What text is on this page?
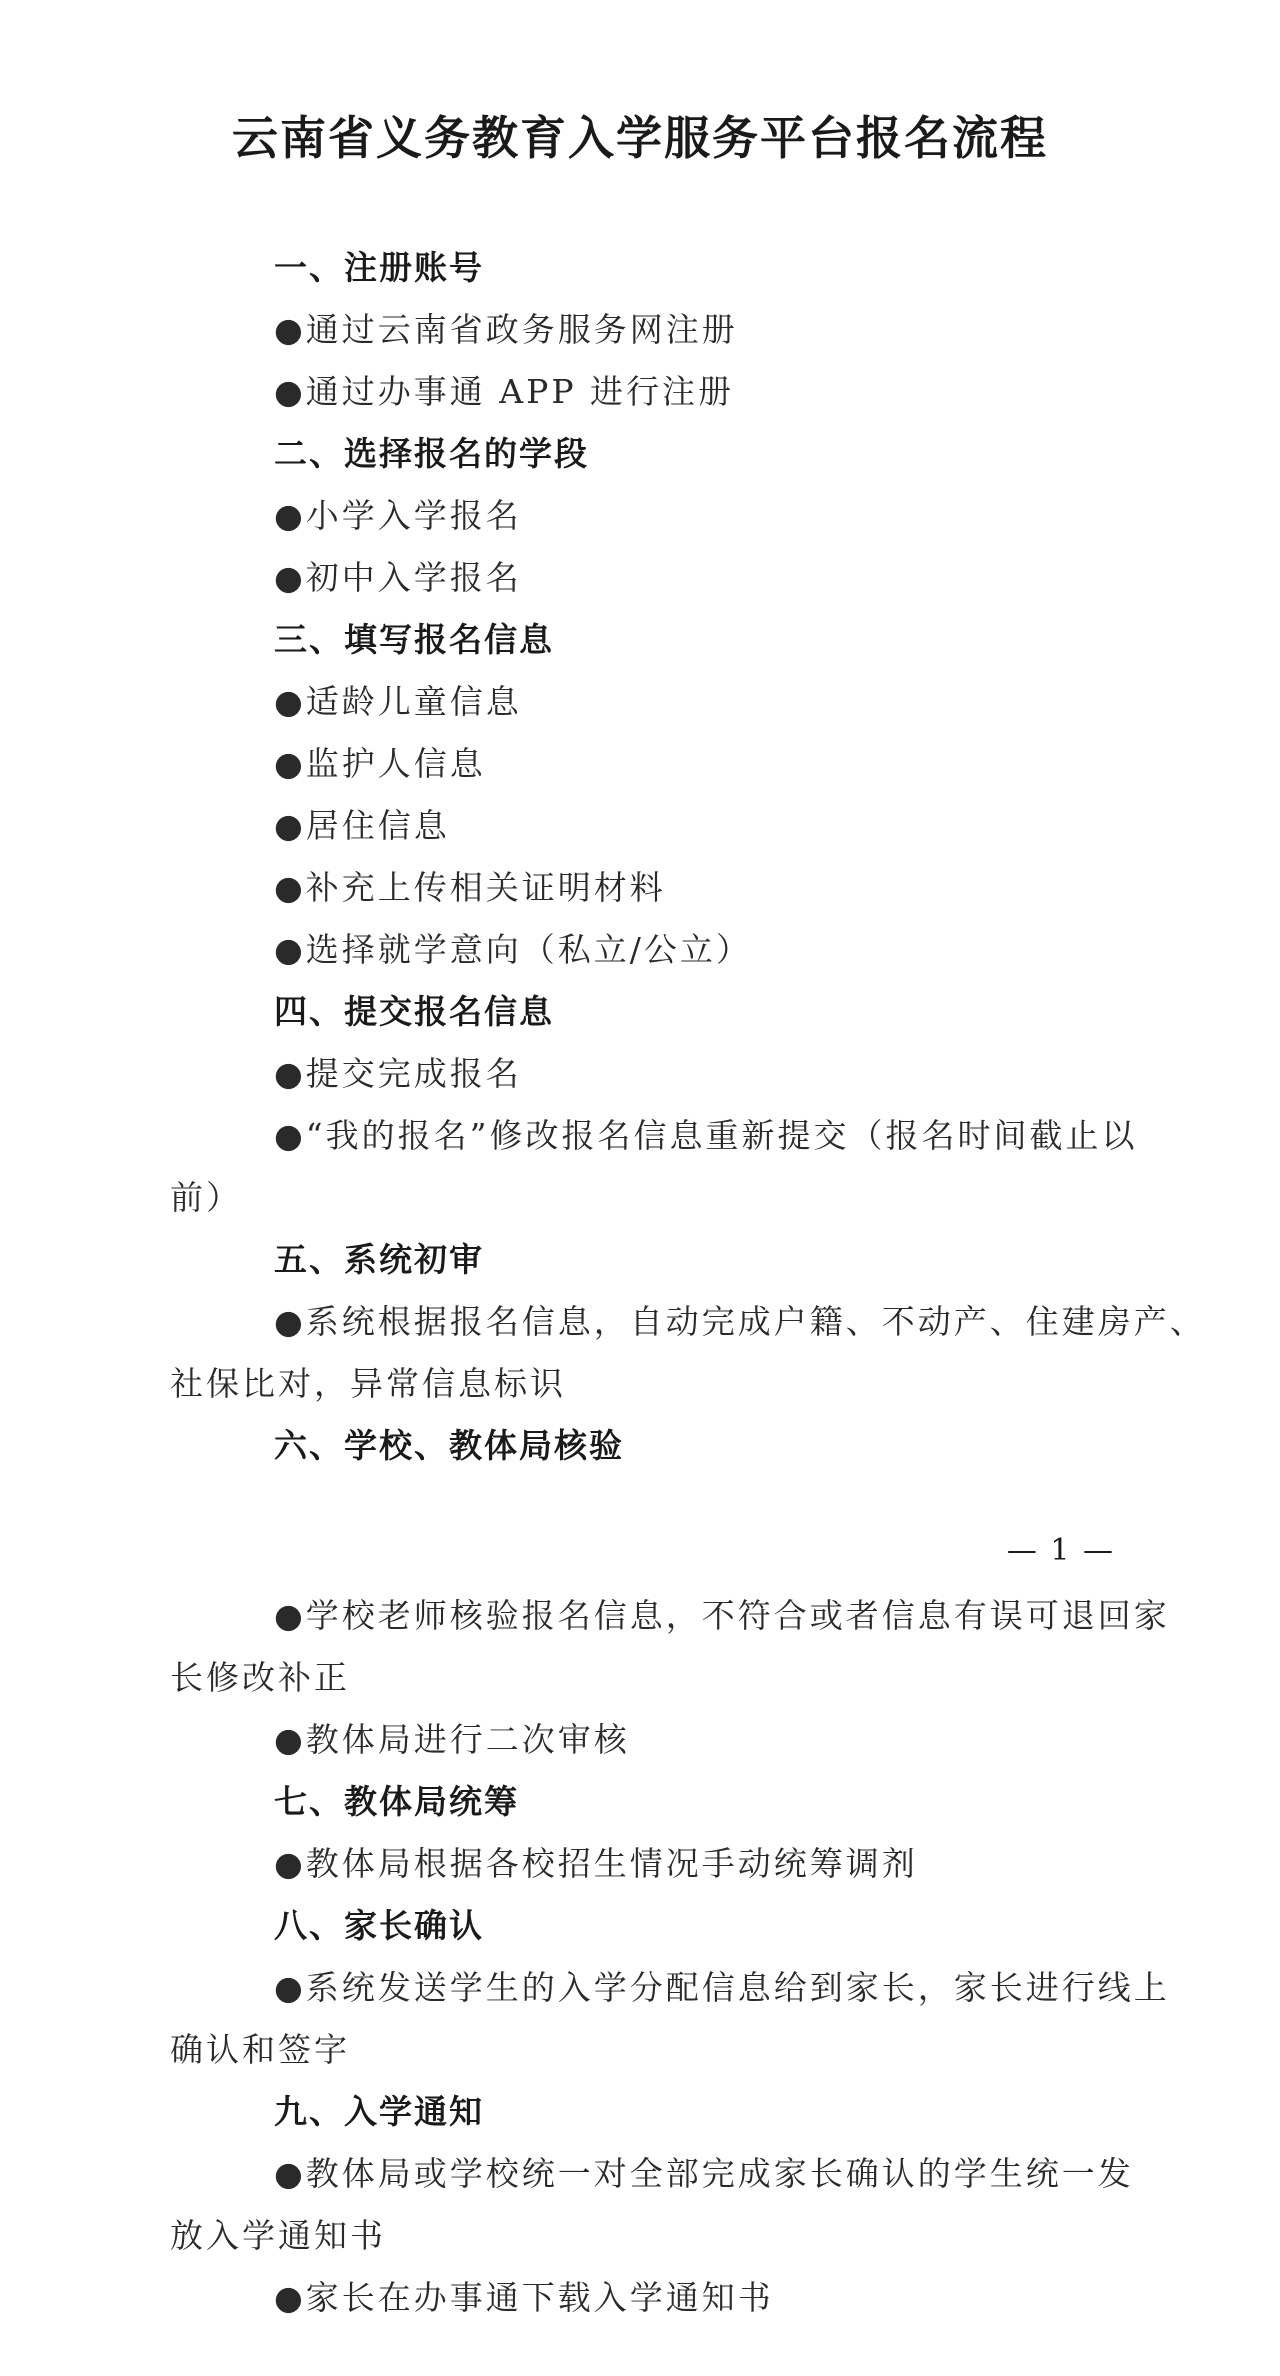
云南省义务教育入学服务平台报名流程
一、注册账号
●通过云南省政务服务网注册
●通过办事通 APP 进行注册
二、选择报名的学段
●小学入学报名
●初中入学报名
三、填写报名信息
●适龄儿童信息
●监护人信息
●居住信息
●补充上传相关证明材料
●选择就学意向（私立/公立）
四、提交报名信息
●提交完成报名
●“我的报名”修改报名信息重新提交（报名时间截止以
前）
五、系统初审
●系统根据报名信息，自动完成户籍、不动产、住建房产、
社保比对，异常信息标识
六、学校、教体局核验
— 1 —
●学校老师核验报名信息，不符合或者信息有误可退回家
长修改补正
●教体局进行二次审核
七、教体局统筹
●教体局根据各校招生情况手动统筹调剂
八、家长确认
●系统发送学生的入学分配信息给到家长，家长进行线上
确认和签字
九、入学通知
●教体局或学校统一对全部完成家长确认的学生统一发
放入学通知书
●家长在办事通下载入学通知书
